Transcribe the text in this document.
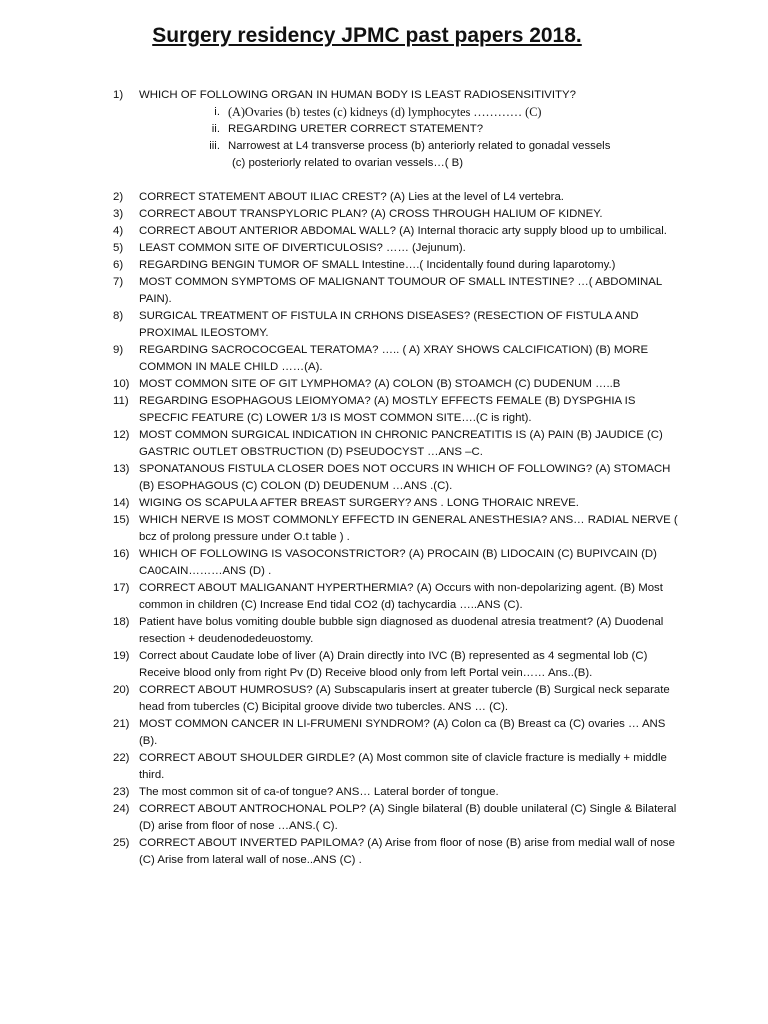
Surgery residency JPMC past papers 2018.
1)	WHICH OF FOLLOWING ORGAN IN HUMAN BODY IS LEAST RADIOSENSITIVITY?
i. (A)Ovaries (b) testes (c) kidneys (d) lymphocytes ………… (C)
ii. REGARDING URETER CORRECT STATEMENT?
iii. Narrowest at L4 transverse process (b) anteriorly related to gonadal vessels
(c) posteriorly related to ovarian vessels…( B)
2)	CORRECT STATEMENT ABOUT ILIAC CREST? (A) Lies at the level of L4 vertebra.
3)	CORRECT ABOUT TRANSPYLORIC PLAN? (A) CROSS THROUGH HALIUM OF KIDNEY.
4)	CORRECT ABOUT ANTERIOR ABDOMAL WALL? (A) Internal thoracic arty supply blood up to umbilical.
5)	LEAST COMMON SITE OF DIVERTICULOSIS? …… (Jejunum).
6)	REGARDING BENGIN TUMOR OF SMALL Intestine….( Incidentally found during laparotomy.)
7)	MOST COMMON SYMPTOMS OF MALIGNANT TOUMOUR OF SMALL INTESTINE? …( ABDOMINAL PAIN).
8)	SURGICAL TREATMENT OF FISTULA IN CRHONS DISEASES? (RESECTION OF FISTULA AND PROXIMAL ILEOSTOMY.
9)	REGARDING SACROCOCGEAL TERATOMA? ….. ( A) XRAY SHOWS CALCIFICATION) (B) MORE COMMON IN MALE CHILD ……(A).
10) MOST COMMON SITE OF GIT LYMPHOMA? (A) COLON (B) STOAMCH (C) DUDENUM …..B
11) REGARDING ESOPHAGOUS LEIOMYOMA? (A) MOSTLY EFFECTS FEMALE (B) DYSPGHIA IS SPECFIC FEATURE (C) LOWER 1/3 IS MOST COMMON SITE….(C is right).
12) MOST COMMON SURGICAL INDICATION IN CHRONIC PANCREATITIS IS (A) PAIN (B) JAUDICE (C) GASTRIC OUTLET OBSTRUCTION (D) PSEUDOCYST …ANS –C.
13) SPONATANOUS FISTULA CLOSER DOES NOT OCCURS IN WHICH OF FOLLOWING? (A) STOMACH (B) ESOPHAGOUS (C) COLON (D) DEUDENUM …ANS .(C).
14) WIGING OS SCAPULA AFTER BREAST SURGERY? ANS . LONG THORAIC NREVE.
15) WHICH NERVE IS MOST COMMONLY EFFECTD IN GENERAL ANESTHESIA? ANS… RADIAL NERVE ( bcz of prolong pressure under O.t table ) .
16) WHICH OF FOLLOWING IS VASOCONSTRICTOR? (A) PROCAIN (B) LIDOCAIN (C) BUPIVCAIN (D) CA0CAIN………ANS (D) .
17) CORRECT ABOUT MALIGANANT HYPERTHERMIA? (A) Occurs with non-depolarizing agent. (B) Most common in children (C) Increase End tidal CO2 (d) tachycardia …..ANS (C).
18) Patient have bolus vomiting double bubble sign diagnosed as duodenal atresia treatment? (A) Duodenal resection + deudenodedeuostomy.
19) Correct about Caudate lobe of liver (A) Drain directly into IVC (B) represented as 4 segmental lob (C) Receive blood only from right Pv (D) Receive blood only from left Portal vein…… Ans..(B).
20) CORRECT ABOUT HUMROSUS? (A) Subscapularis insert at greater tubercle (B) Surgical neck separate head from tubercles (C) Bicipital groove divide two tubercles. ANS … (C).
21) MOST COMMON CANCER IN LI-FRUMENI SYNDROM? (A) Colon ca (B) Breast ca (C) ovaries … ANS (B).
22) CORRECT ABOUT SHOULDER GIRDLE? (A) Most common site of clavicle fracture is medially + middle third.
23) The most common sit of ca-of tongue? ANS… Lateral border of tongue.
24) CORRECT ABOUT ANTROCHONAL POLP? (A) Single bilateral (B) double unilateral (C) Single & Bilateral (D) arise from floor of nose …ANS.( C).
25) CORRECT ABOUT INVERTED PAPILOMA? (A) Arise from floor of nose (B) arise from medial wall of nose (C) Arise from lateral wall of nose..ANS (C) .
